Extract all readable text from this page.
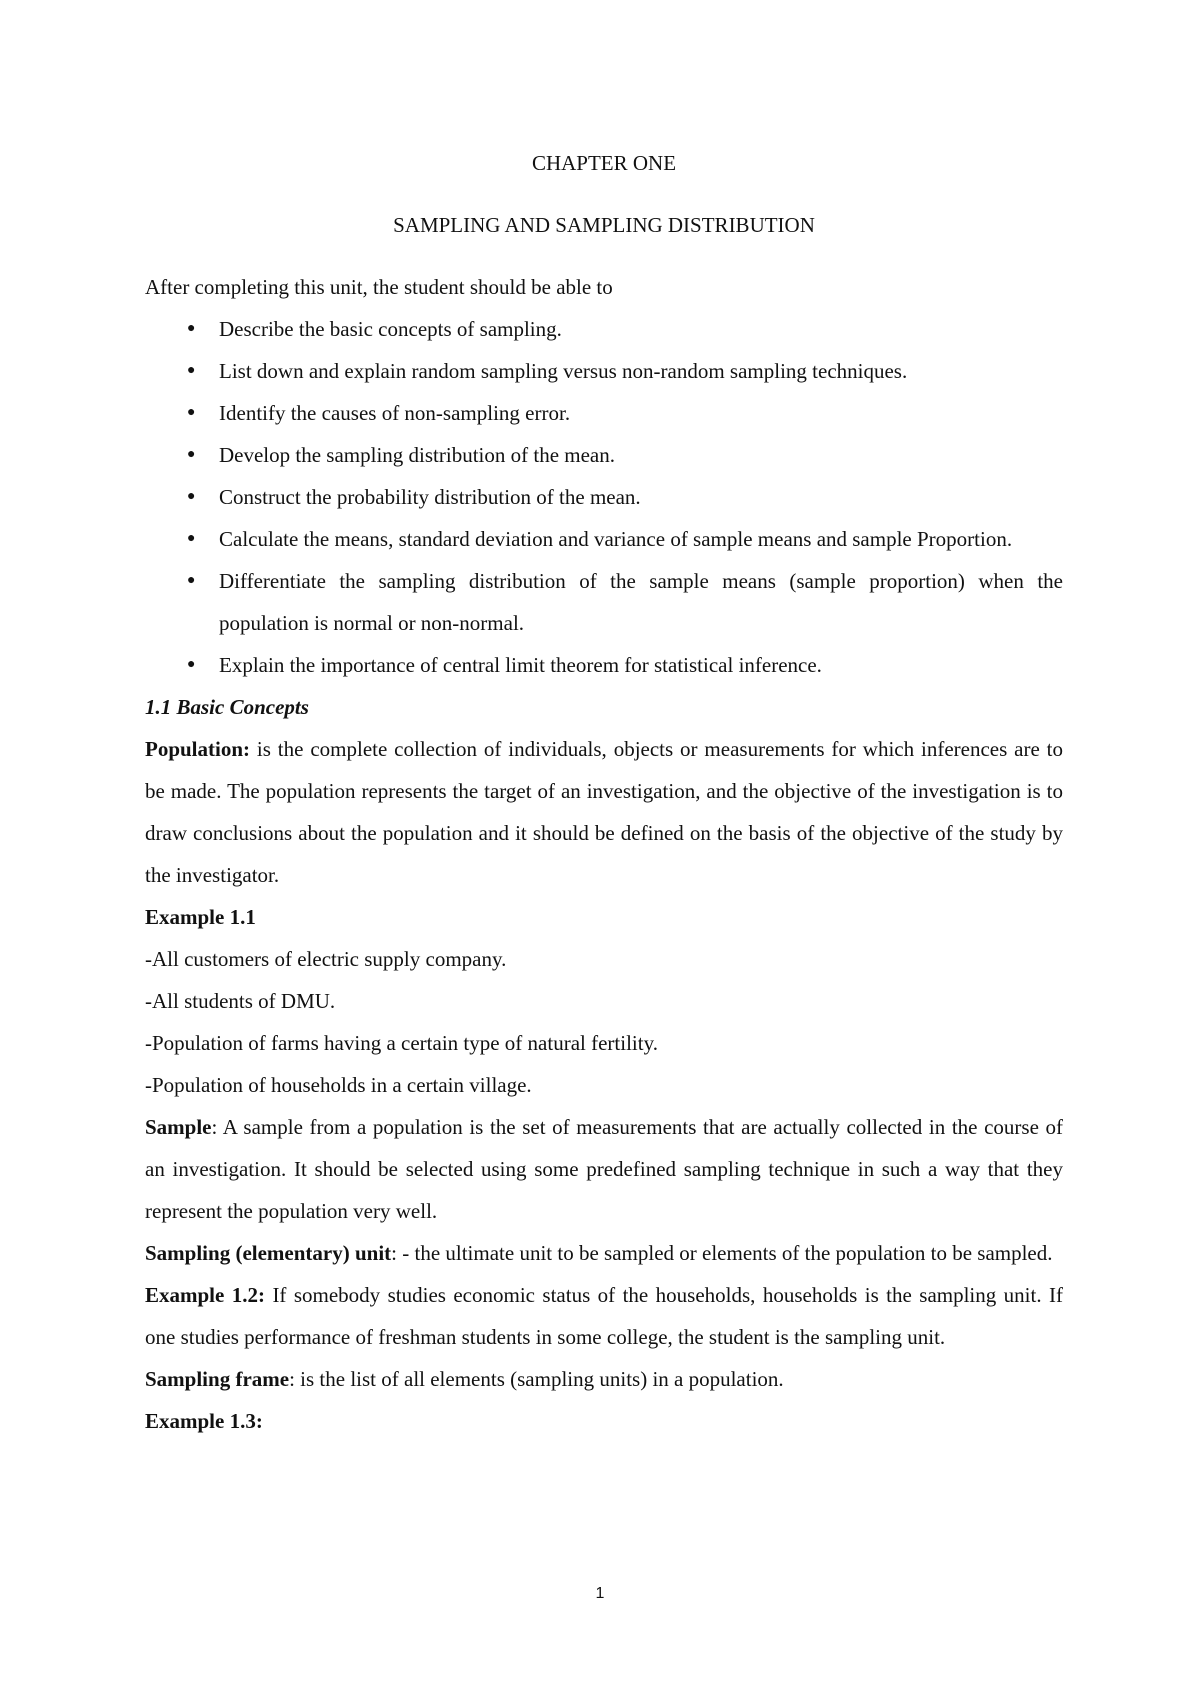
CHAPTER ONE
SAMPLING AND SAMPLING DISTRIBUTION

After completing this unit, the student should be able to

● Describe the basic concepts of sampling.
● List down and explain random sampling versus non-random sampling techniques.
● Identify the causes of non-sampling error.
● Develop the sampling distribution of the mean.
● Construct the probability distribution of the mean.
● Calculate the means, standard deviation and variance of sample means and sample Proportion.
● Differentiate the sampling distribution of the sample means (sample proportion) when the population is normal or non-normal.
● Explain the importance of central limit theorem for statistical inference.

1.1 Basic Concepts

Population: is the complete collection of individuals, objects or measurements for which inferences are to be made. The population represents the target of an investigation, and the objective of the investigation is to draw conclusions about the population and it should be defined on the basis of the objective of the study by the investigator.

Example 1.1

-All customers of electric supply company.

-All students of DMU.

-Population of farms having a certain type of natural fertility.

-Population of households in a certain village.

Sample: A sample from a population is the set of measurements that are actually collected in the course of an investigation. It should be selected using some predefined sampling technique in such a way that they represent the population very well.

Sampling (elementary) unit: - the ultimate unit to be sampled or elements of the population to be sampled.

Example 1.2: If somebody studies economic status of the households, households is the sampling unit. If one studies performance of freshman students in some college, the student is the sampling unit.

Sampling frame: is the list of all elements (sampling units) in a population.

Example 1.3:

1
